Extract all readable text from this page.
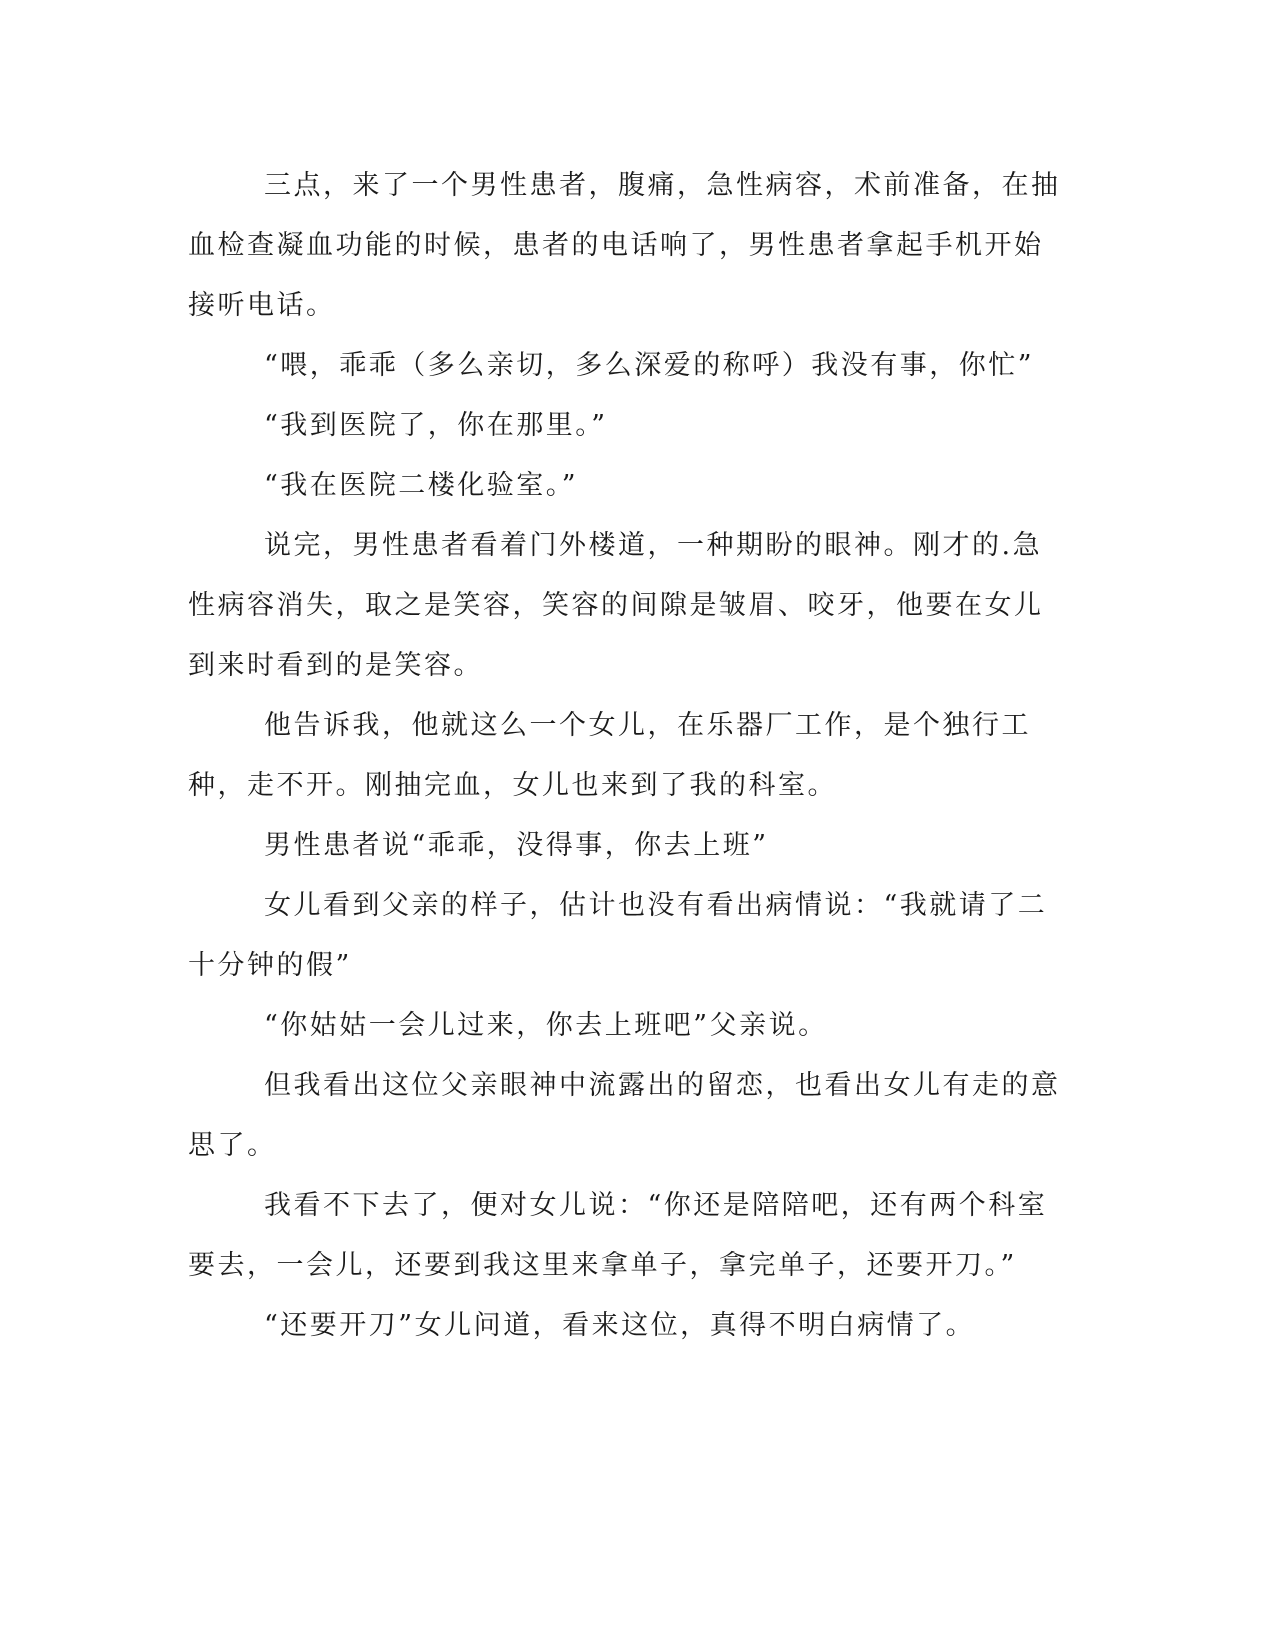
三点，来了一个男性患者，腹痛，急性病容，术前准备，在抽血检查凝血功能的时候，患者的电话响了，男性患者拿起手机开始接听电话。

“喂，乖乖（多么亲切，多么深爱的称呼）我没有事，你忙”

“我到医院了，你在那里。”

“我在医院二楼化验室。”

说完，男性患者看着门外楼道，一种期盼的眼神。刚才的.急性病容消失，取之是笑容，笑容的间隙是皱眉、咬牙，他要在女儿到来时看到的是笑容。

他告诉我，他就这么一个女儿，在乐器厂工作，是个独行工种，走不开。刚抽完血，女儿也来到了我的科室。

男性患者说“乖乖，没得事，你去上班”

女儿看到父亲的样子，估计也没有看出病情说：“我就请了二十分钟的假”

“你姑姑一会儿过来，你去上班吧”父亲说。

但我看出这位父亲眼神中流露出的留恋，也看出女儿有走的意思了。

我看不下去了，便对女儿说：“你还是陪陪吧，还有两个科室要去，一会儿，还要到我这里来拿单子，拿完单子，还要开刀。”

“还要开刀”女儿问道，看来这位，真得不明白病情了。
